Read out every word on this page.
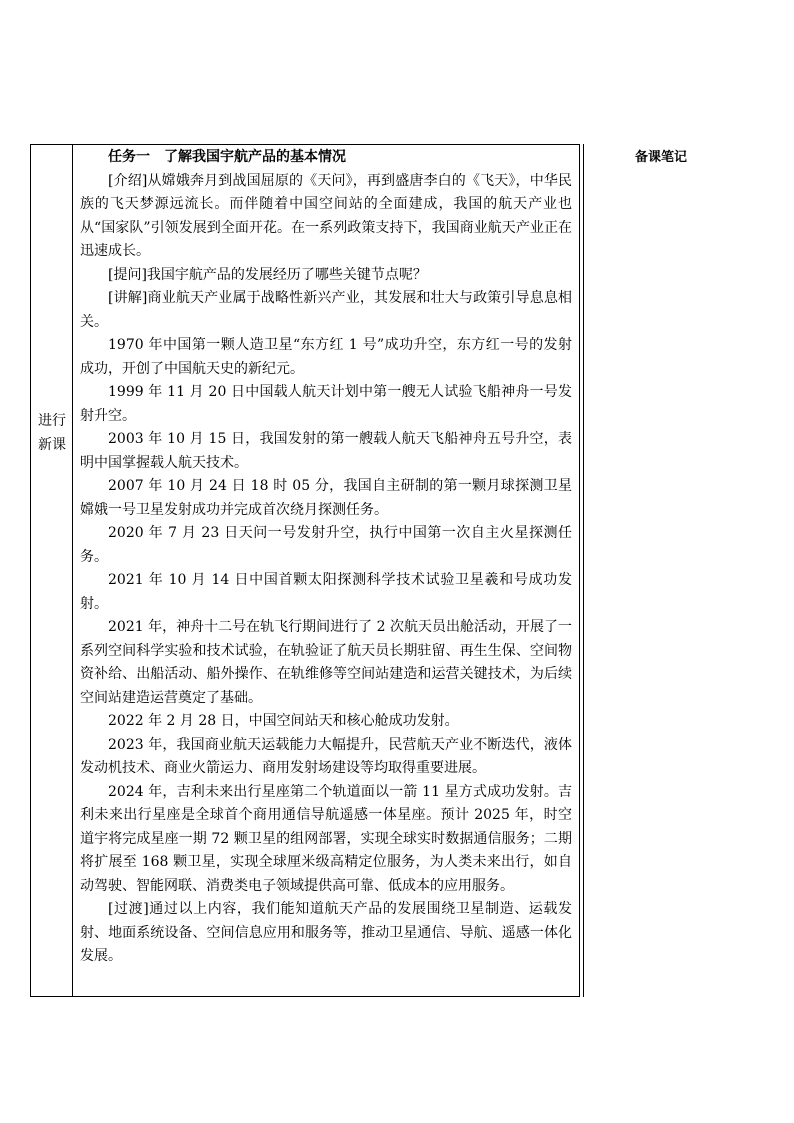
进行
新课
备课笔记

任务一　了解我国宇航产品的基本情况

[介绍]从嫦娥奔月到战国屈原的《天问》，再到盛唐李白的《飞天》，中华民族的飞天梦源远流长。而伴随着中国空间站的全面建成，我国的航天产业也从“国家队”引领发展到全面开花。在一系列政策支持下，我国商业航天产业正在迅速成长。

[提问]我国宇航产品的发展经历了哪些关键节点呢？

[讲解]商业航天产业属于战略性新兴产业，其发展和壮大与政策引导息息相关。

1970 年中国第一颗人造卫星“东方红 1 号”成功升空，东方红一号的发射成功，开创了中国航天史的新纪元。

1999 年 11 月 20 日中国载人航天计划中第一艘无人试验飞船神舟一号发射升空。

2003 年 10 月 15 日，我国发射的第一艘载人航天飞船神舟五号升空，表明中国掌握载人航天技术。

2007 年 10 月 24 日 18 时 05 分，我国自主研制的第一颗月球探测卫星嫦娥一号卫星发射成功并完成首次绕月探测任务。

2020 年 7 月 23 日天问一号发射升空，执行中国第一次自主火星探测任务。

2021 年 10 月 14 日中国首颗太阳探测科学技术试验卫星羲和号成功发射。

2021 年，神舟十二号在轨飞行期间进行了 2 次航天员出舱活动，开展了一系列空间科学实验和技术试验，在轨验证了航天员长期驻留、再生生保、空间物资补给、出船活动、船外操作、在轨维修等空间站建造和运营关键技术，为后续空间站建造运营奠定了基础。

2022 年 2 月 28 日，中国空间站天和核心舱成功发射。

2023 年，我国商业航天运载能力大幅提升，民营航天产业不断迭代，液体发动机技术、商业火箭运力、商用发射场建设等均取得重要进展。

2024 年，吉利未来出行星座第二个轨道面以一箭 11 星方式成功发射。吉利未来出行星座是全球首个商用通信导航遥感一体星座。预计 2025 年，时空道宇将完成星座一期 72 颗卫星的组网部署，实现全球实时数据通信服务；二期将扩展至 168 颗卫星，实现全球厘米级高精定位服务，为人类未来出行，如自动驾驶、智能网联、消费类电子领域提供高可靠、低成本的应用服务。

[过渡]通过以上内容，我们能知道航天产品的发展围绕卫星制造、运载发射、地面系统设备、空间信息应用和服务等，推动卫星通信、导航、遥感一体化发展。
